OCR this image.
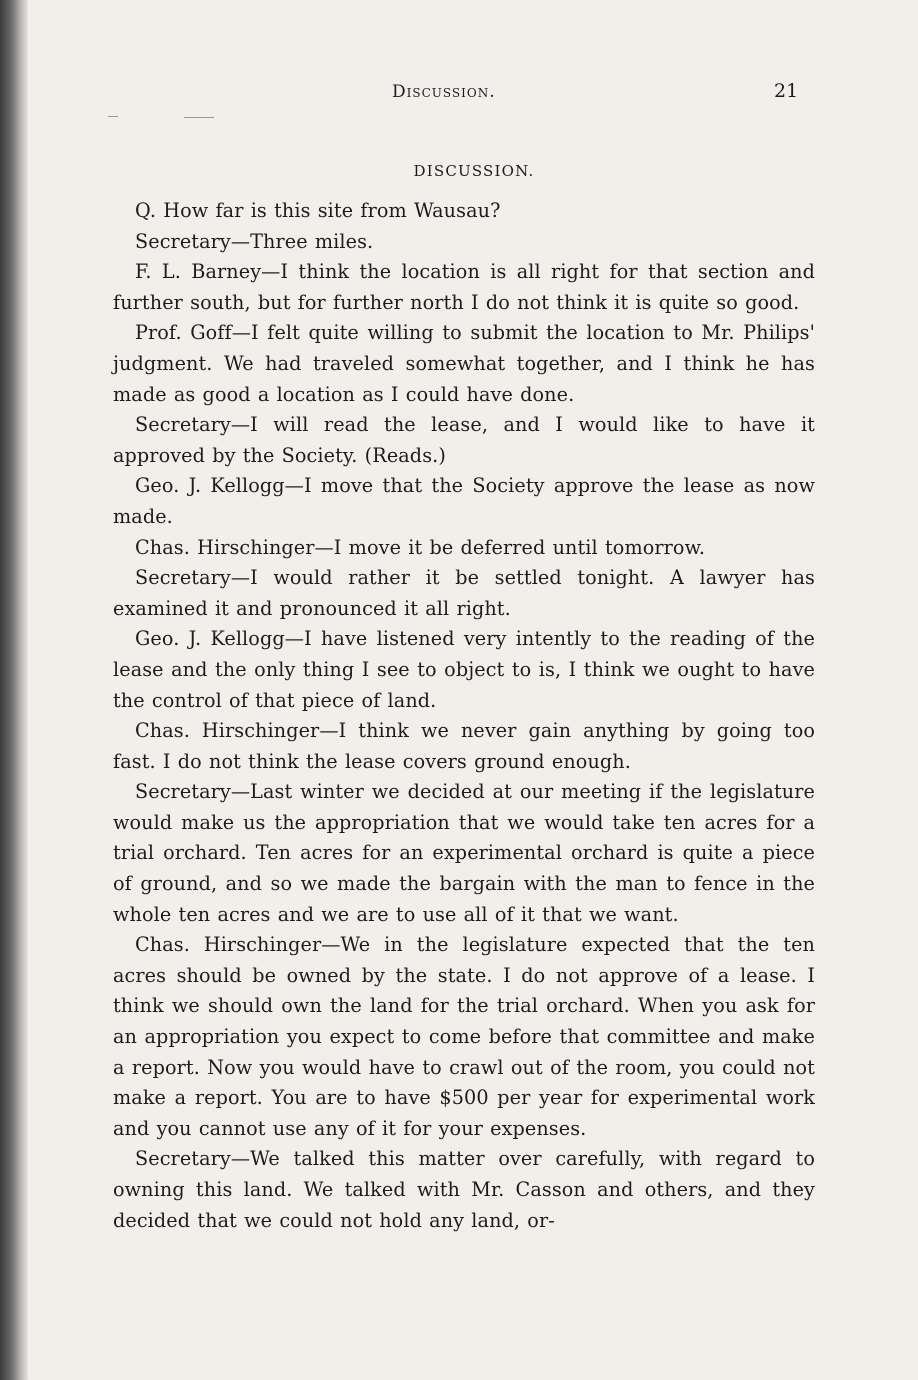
Discussion.	21
DISCUSSION.

Q. How far is this site from Wausau?

Secretary—Three miles.

F. L. Barney—I think the location is all right for that section and further south, but for further north I do not think it is quite so good.

Prof. Goff—I felt quite willing to submit the location to Mr. Philips' judgment. We had traveled somewhat together, and I think he has made as good a location as I could have done.

Secretary—I will read the lease, and I would like to have it approved by the Society. (Reads.)

Geo. J. Kellogg—I move that the Society approve the lease as now made.

Chas. Hirschinger—I move it be deferred until tomorrow.

Secretary—I would rather it be settled tonight. A lawyer has examined it and pronounced it all right.

Geo. J. Kellogg—I have listened very intently to the reading of the lease and the only thing I see to object to is, I think we ought to have the control of that piece of land.

Chas. Hirschinger—I think we never gain anything by going too fast. I do not think the lease covers ground enough.

Secretary—Last winter we decided at our meeting if the legislature would make us the appropriation that we would take ten acres for a trial orchard. Ten acres for an experimental orchard is quite a piece of ground, and so we made the bargain with the man to fence in the whole ten acres and we are to use all of it that we want.

Chas. Hirschinger—We in the legislature expected that the ten acres should be owned by the state. I do not approve of a lease. I think we should own the land for the trial orchard. When you ask for an appropriation you expect to come before that committee and make a report. Now you would have to crawl out of the room, you could not make a report. You are to have $500 per year for experimental work and you cannot use any of it for your expenses.

Secretary—We talked this matter over carefully, with regard to owning this land. We talked with Mr. Casson and others, and they decided that we could not hold any land, or-
